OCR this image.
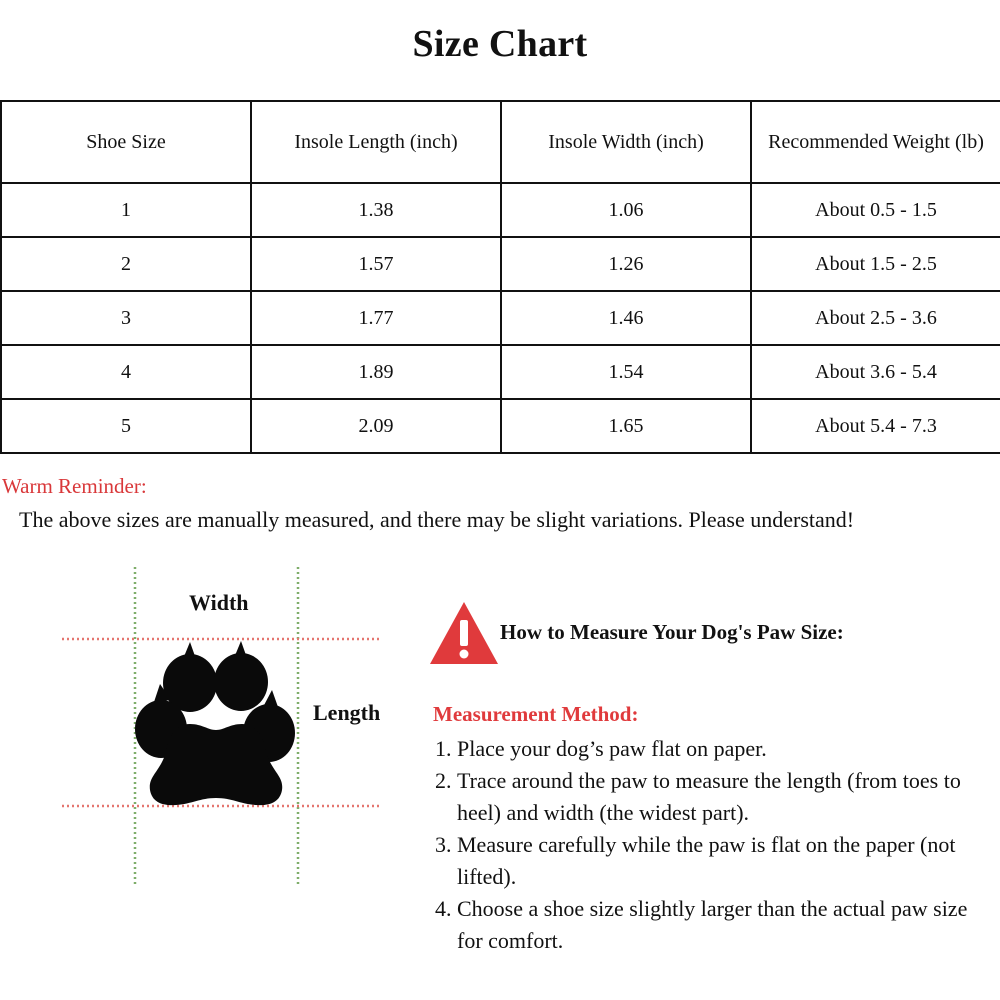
Size Chart
Shoe Size	Insole Length (inch)	Insole Width (inch)	Recommended Weight (lb)
1	1.38	1.06	About 0.5 - 1.5
2	1.57	1.26	About 1.5 - 2.5
3	1.77	1.46	About 2.5 - 3.6
4	1.89	1.54	About 3.6 - 5.4
5	2.09	1.65	About 5.4 - 7.3
Warm Reminder:
The above sizes are manually measured, and there may be slight variations. Please understand!
Width
Length
How to Measure Your Dog's Paw Size:
Measurement Method:
1. Place your dog’s paw flat on paper.
2. Trace around the paw to measure the length (from toes to heel) and width (the widest part).
3. Measure carefully while the paw is flat on the paper (not lifted).
4. Choose a shoe size slightly larger than the actual paw size for comfort.
